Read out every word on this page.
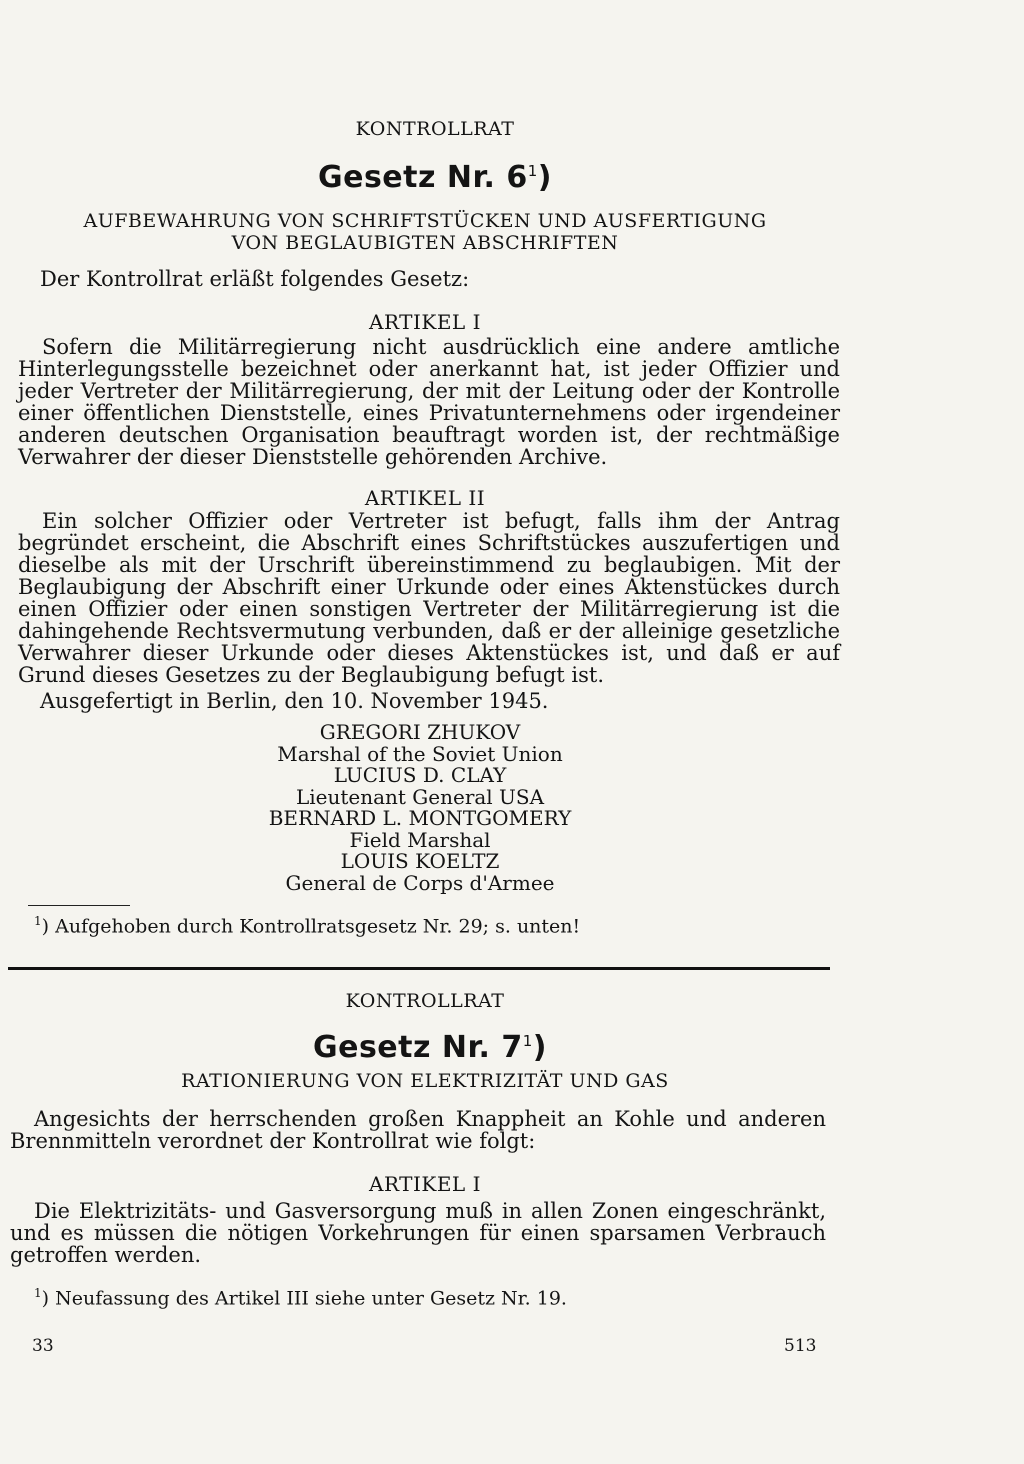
KONTROLLRAT
Gesetz Nr. $6^1$)
AUFBEWAHRUNG VON SCHRIFTSTÜCKEN UND AUSFERTIGUNG
VON BEGLAUBIGTEN ABSCHRIFTEN
Der Kontrollrat erläßt folgendes Gesetz:
ARTIKEL I
Sofern die Militärregierung nicht ausdrücklich eine andere amtliche Hinterlegungsstelle bezeichnet oder anerkannt hat, ist jeder Offizier und jeder Vertreter der Militärregierung, der mit der Leitung oder der Kontrolle einer öffentlichen Dienststelle, eines Privatunternehmens oder irgendeiner anderen deutschen Organisation beauftragt worden ist, der rechtmäßige Verwahrer der dieser Dienststelle gehörenden Archive.
ARTIKEL II
Ein solcher Offizier oder Vertreter ist befugt, falls ihm der Antrag begründet erscheint, die Abschrift eines Schriftstückes auszufertigen und dieselbe als mit der Urschrift übereinstimmend zu beglaubigen. Mit der Beglaubigung der Abschrift einer Urkunde oder eines Aktenstückes durch einen Offizier oder einen sonstigen Vertreter der Militärregierung ist die dahingehende Rechtsvermutung verbunden, daß er der alleinige gesetzliche Verwahrer dieser Urkunde oder dieses Aktenstückes ist, und daß er auf Grund dieses Gesetzes zu der Beglaubigung befugt ist.
Ausgefertigt in Berlin, den 10. November 1945.
GREGORI ZHUKOV
Marshal of the Soviet Union
LUCIUS D. CLAY
Lieutenant General USA
BERNARD L. MONTGOMERY
Field Marshal
LOUIS KOELTZ
General de Corps d'Armee
$^1$) Aufgehoben durch Kontrollratsgesetz Nr. 29; s. unten!
KONTROLLRAT
Gesetz Nr. $7^1$)
RATIONIERUNG VON ELEKTRIZITÄT UND GAS
Angesichts der herrschenden großen Knappheit an Kohle und anderen Brennmitteln verordnet der Kontrollrat wie folgt:
ARTIKEL I
Die Elektrizitäts- und Gasversorgung muß in allen Zonen eingeschränkt, und es müssen die nötigen Vorkehrungen für einen sparsamen Verbrauch getroffen werden.
$^1$) Neufassung des Artikel III siehe unter Gesetz Nr. 19.
33	513
